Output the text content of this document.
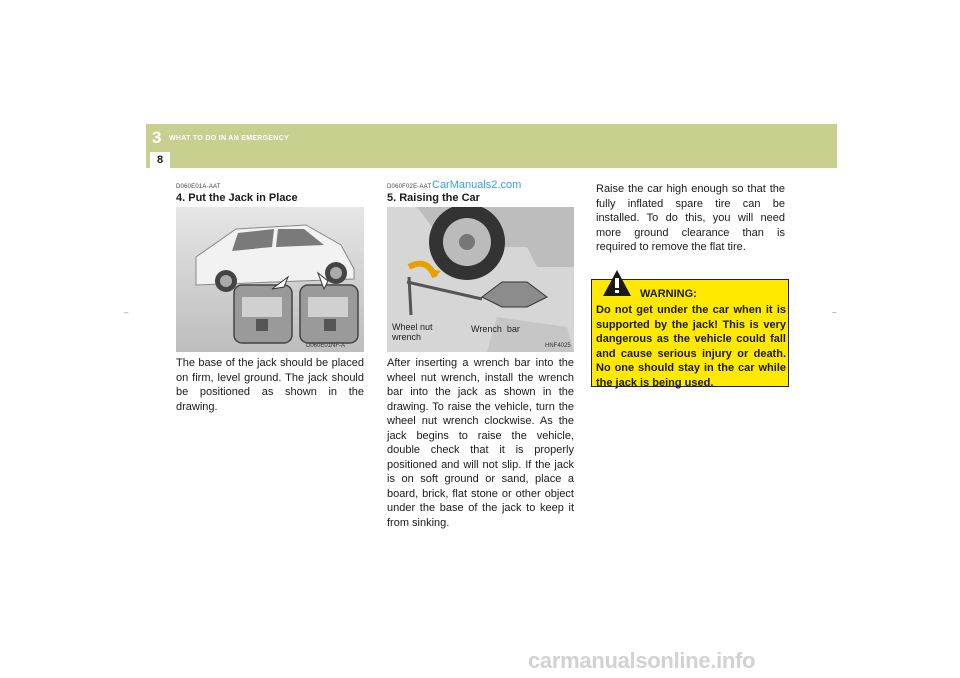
3 WHAT TO DO IN AN EMERGENCY
8
–	–
D060E01A-AAT
4. Put the Jack in Place
D060E01NF-A
The base of the jack should be placed on firm, level ground. The jack should be positioned as shown in the drawing.
D060F02E-AAT CarManuals2.com
5. Raising the Car
Wheel nut
wrench
Wrench  bar
HNF4025
After inserting a wrench bar into the wheel nut wrench, install the wrench bar into the jack as shown in the drawing. To raise the vehicle, turn the wheel nut wrench clockwise. As the jack begins to raise the vehicle, double check that it is properly positioned and will not slip. If the jack is on soft ground or sand, place a board, brick, flat stone or other object under the base of the jack to keep it from sinking.
Raise the car high enough so that the fully inflated spare tire can be installed. To do this, you will need more ground clearance than is required to remove the flat tire.
WARNING:
Do not get under the car when it is supported by the jack! This is very dangerous as the vehicle could fall and cause serious injury or death. No one should stay in the car while the jack is being used.
carmanualsonline.info
